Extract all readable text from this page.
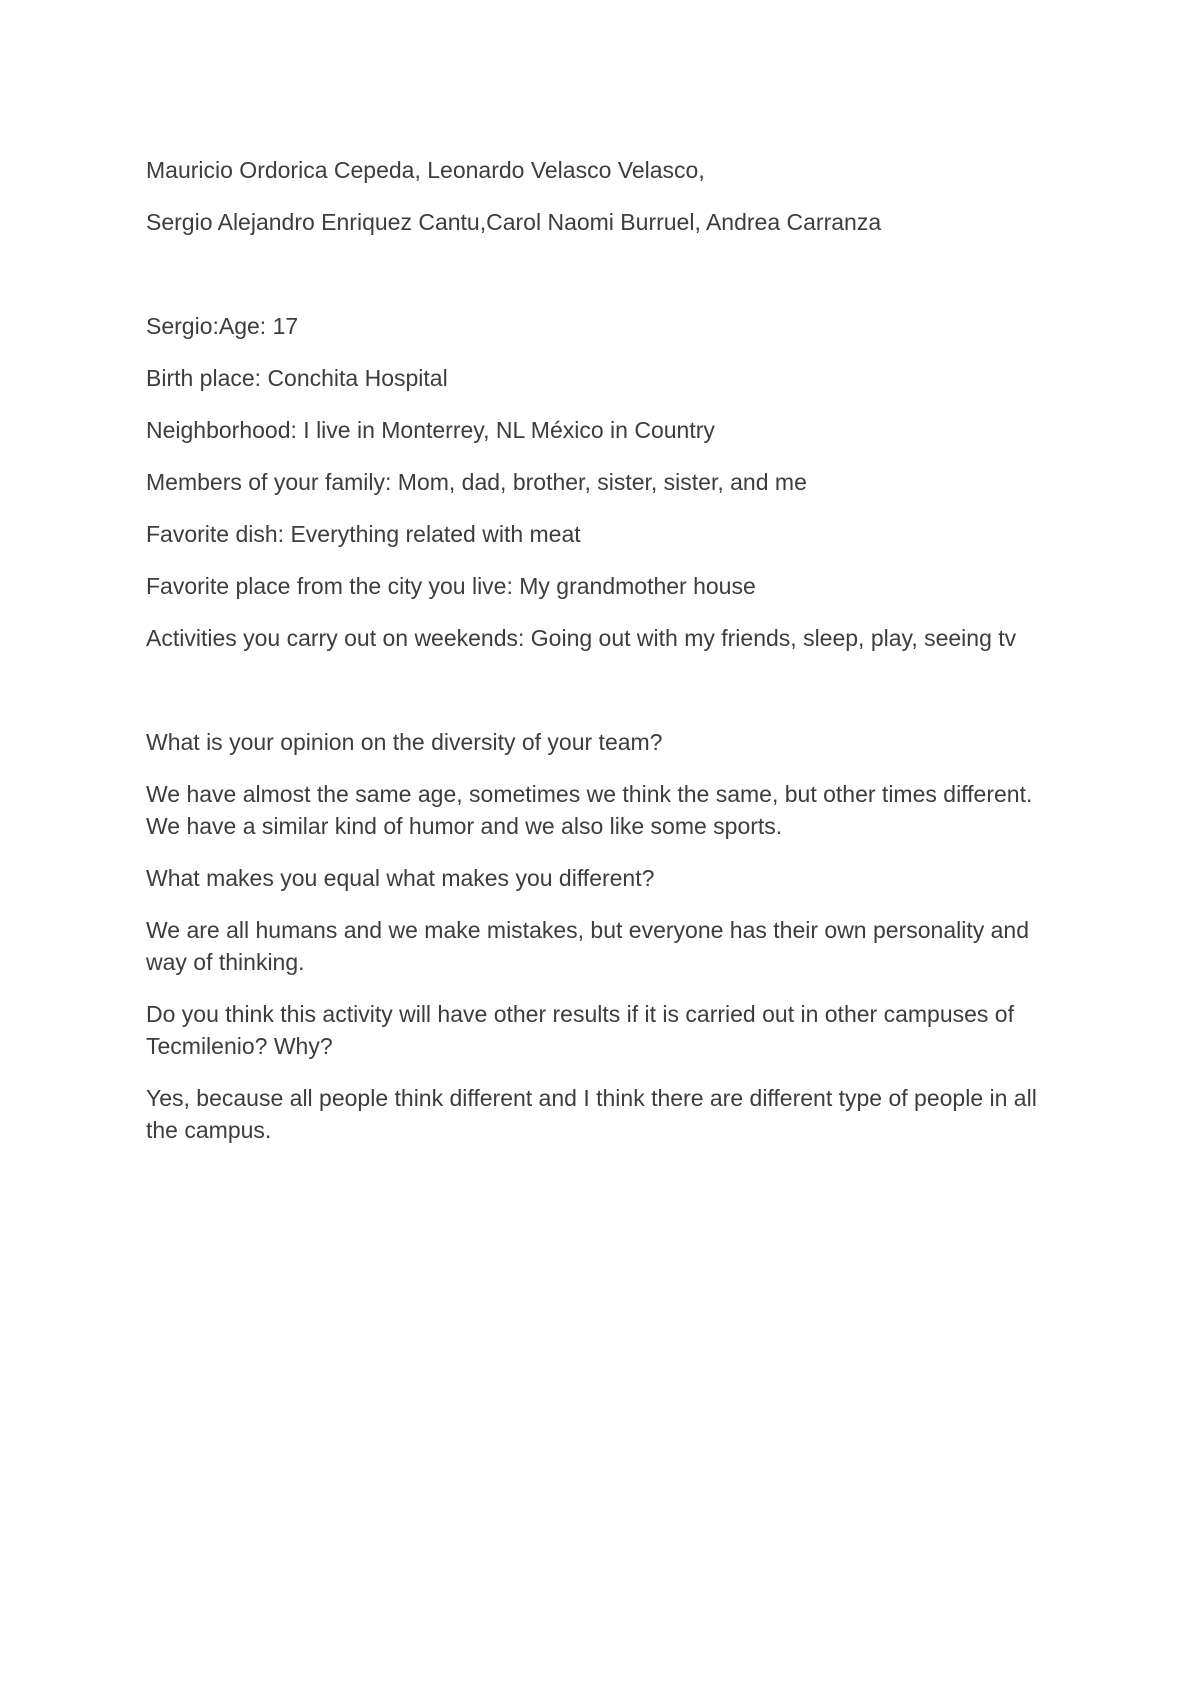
Mauricio Ordorica Cepeda, Leonardo Velasco Velasco,

Sergio Alejandro Enriquez Cantu,Carol Naomi Burruel, Andrea Carranza

Sergio:Age: 17

Birth place: Conchita Hospital

Neighborhood: I live in Monterrey, NL México in Country

Members of your family: Mom, dad, brother, sister, sister, and me

Favorite dish: Everything related with meat

Favorite place from the city you live: My grandmother house

Activities you carry out on weekends: Going out with my friends, sleep, play, seeing tv

What is your opinion on the diversity of your team?

We have almost the same age, sometimes we think the same, but other times different. We have a similar kind of humor and we also like some sports.

What makes you equal what makes you different?

We are all humans and we make mistakes, but everyone has their own personality and way of thinking.

Do you think this activity will have other results if it is carried out in other campuses of Tecmilenio? Why?

Yes, because all people think different and I think there are different type of people in all the campus.
